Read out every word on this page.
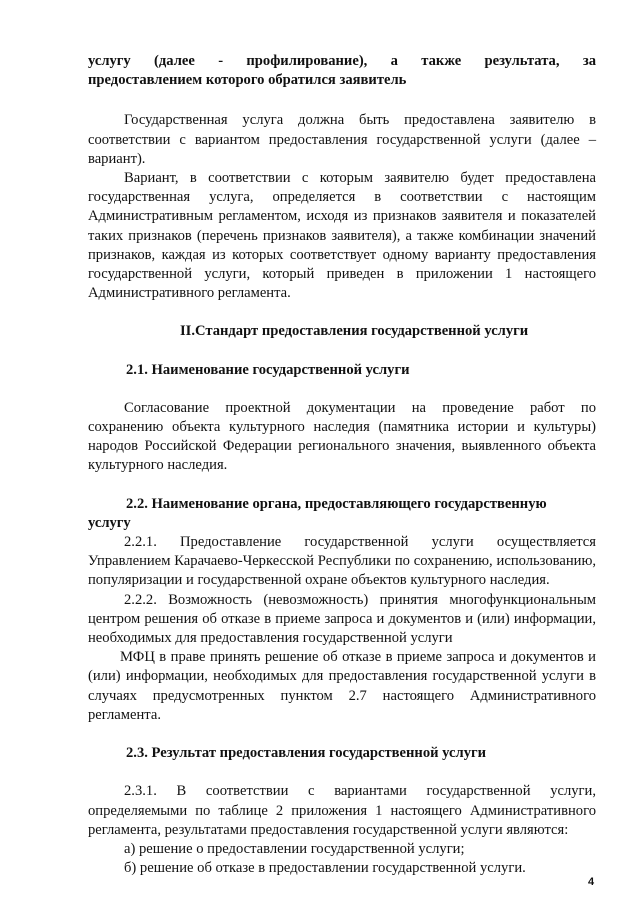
услугу (далее - профилирование), а также результата, за

предоставлением которого обратился заявитель

Государственная услуга должна быть предоставлена заявителю в соответствии с вариантом предоставления государственной услуги (далее – вариант).

Вариант, в соответствии с которым заявителю будет предоставлена государственная услуга, определяется в соответствии с настоящим Административным регламентом, исходя из признаков заявителя и показателей таких признаков (перечень признаков заявителя), а также комбинации значений признаков, каждая из которых соответствует одному варианту предоставления государственной услуги, который приведен в приложении 1 настоящего Административного регламента.

II.Стандарт предоставления государственной услуги

2.1. Наименование государственной услуги

Согласование проектной документации на проведение работ по сохранению объекта культурного наследия (памятника истории и культуры) народов Российской Федерации регионального значения, выявленного объекта культурного наследия.

2.2. Наименование органа, предоставляющего государственную

услугу

2.2.1. Предоставление государственной услуги осуществляется Управлением Карачаево-Черкесской Республики по сохранению, использованию, популяризации и государственной охране объектов культурного наследия.

2.2.2. Возможность (невозможность) принятия многофункциональным центром решения об отказе в приеме запроса и документов и (или) информации, необходимых для предоставления государственной услуги

МФЦ в праве принять решение об отказе в приеме запроса и документов и (или) информации, необходимых для предоставления государственной услуги в случаях предусмотренных пунктом 2.7 настоящего Административного регламента.

2.3. Результат предоставления государственной услуги

2.3.1. В соответствии с вариантами государственной услуги, определяемыми по таблице 2 приложения 1 настоящего Административного регламента, результатами предоставления государственной услуги являются:

а) решение о предоставлении государственной услуги;

б) решение об отказе в предоставлении государственной услуги.

4
